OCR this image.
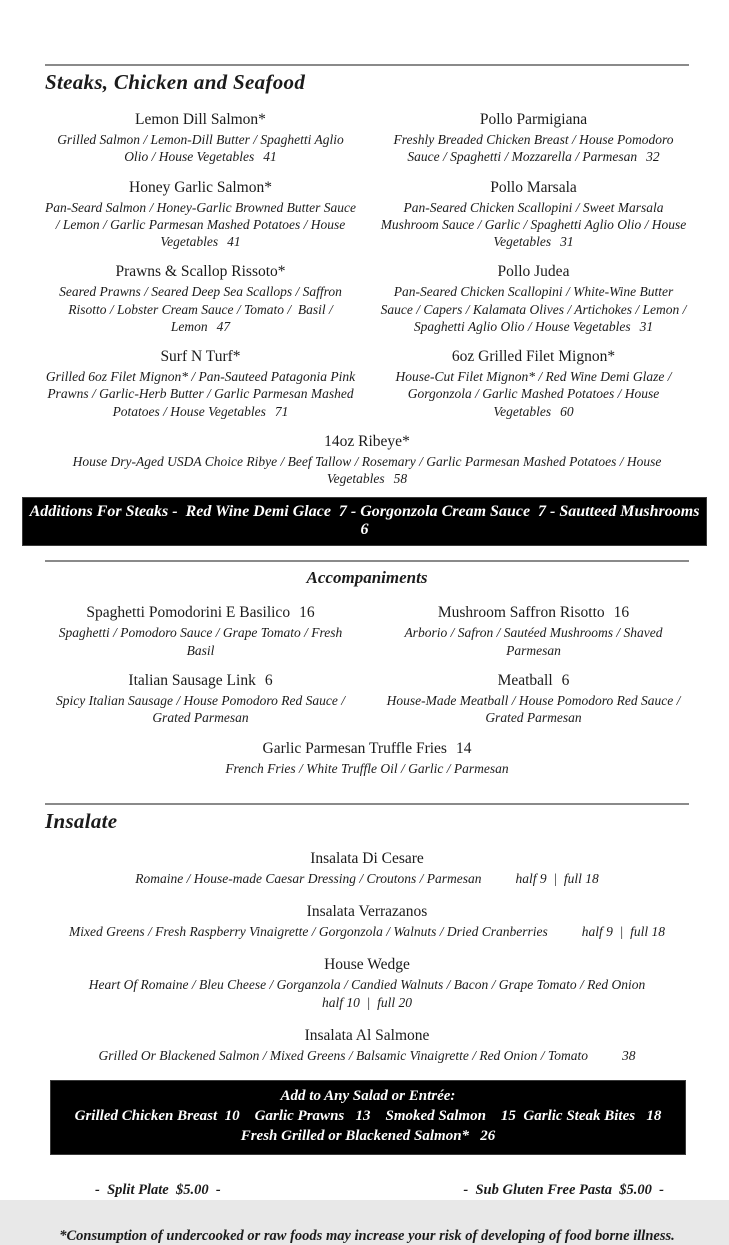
Steaks, Chicken and Seafood

Lemon Dill Salmon*

Grilled Salmon / Lemon-Dill Butter / Spaghetti Aglio Olio / House Vegetables 41

Pollo Parmigiana

Freshly Breaded Chicken Breast / House Pomodoro Sauce / Spaghetti / Mozzarella / Parmesan 32

Honey Garlic Salmon*

Pan-Seard Salmon / Honey-Garlic Browned Butter Sauce / Lemon / Garlic Parmesan Mashed Potatoes / House Vegetables 41

Pollo Marsala

Pan-Seared Chicken Scallopini / Sweet Marsala Mushroom Sauce / Garlic / Spaghetti Aglio Olio / House Vegetables 31

Prawns & Scallop Rissoto*

Seared Prawns / Seared Deep Sea Scallops / Saffron Risotto / Lobster Cream Sauce / Tomato /  Basil / Lemon 47

Pollo Judea

Pan-Seared Chicken Scallopini / White-Wine Butter Sauce / Capers / Kalamata Olives / Artichokes / Lemon / Spaghetti Aglio Olio / House Vegetables 31

Surf N Turf*

Grilled 6oz Filet Mignon* / Pan-Sauteed Patagonia Pink Prawns / Garlic-Herb Butter / Garlic Parmesan Mashed Potatoes / House Vegetables 71

6oz Grilled Filet Mignon*

House-Cut Filet Mignon* / Red Wine Demi Glaze / Gorgonzola / Garlic Mashed Potatoes / House Vegetables 60

14oz Ribeye*

House Dry-Aged USDA Choice Ribye / Beef Tallow / Rosemary / Garlic Parmesan Mashed Potatoes / House Vegetables 58

Additions For Steaks -  Red Wine Demi Glace  7 - Gorgonzola Cream Sauce  7 - Sautteed Mushrooms 6
Accompaniments

Spaghetti Pomodorini E Basilico 16

Spaghetti / Pomodoro Sauce / Grape Tomato / Fresh Basil

Mushroom Saffron Risotto 16

Arborio / Safron / Sautéed Mushrooms / Shaved Parmesan

Italian Sausage Link 6

Spicy Italian Sausage / House Pomodoro Red Sauce / Grated Parmesan

Meatball 6

House-Made Meatball / House Pomodoro Red Sauce / Grated Parmesan

Garlic Parmesan Truffle Fries 14

French Fries / White Truffle Oil / Garlic / Parmesan

Insalate

Insalata Di Cesare

Romaine / House-made Caesar Dressing / Croutons / Parmesan	half 9  |  full 18

Insalata Verrazanos

Mixed Greens / Fresh Raspberry Vinaigrette / Gorgonzola / Walnuts / Dried Cranberries	half 9  |  full 18

House Wedge

Heart Of Romaine / Bleu Cheese / Gorganzola / Candied Walnuts / Bacon / Grape Tomato / Red Onion

half 10  |  full 20

Insalata Al Salmone

Grilled Or Blackened Salmon / Mixed Greens / Balsamic Vinaigrette / Red Onion / Tomato	38

Add to Any Salad or Entrée:
Grilled Chicken Breast  10    Garlic Prawns   13    Smoked Salmon    15  Garlic Steak Bites   18
Fresh Grilled or Blackened Salmon*   26
-  Split Plate  $5.00  -	-  Sub Gluten Free Pasta  $5.00  -
*Consumption of undercooked or raw foods may increase your risk of developing of food borne illness.
